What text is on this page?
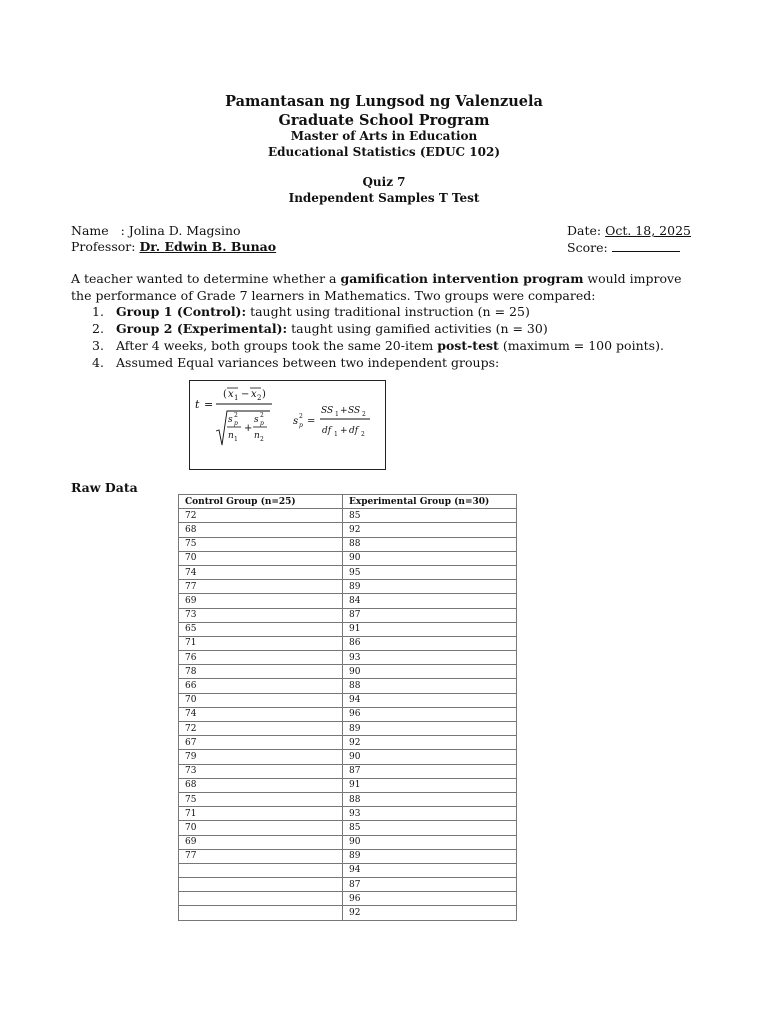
Pamantasan ng Lungsod ng Valenzuela
Graduate School Program
Master of Arts in Education
Educational Statistics (EDUC 102)
Quiz 7
Independent Samples T Test
Name : Jolina D. Magsino
Professor: Dr. Edwin B. Bunao
Date: Oct. 18, 2025
Score:
A teacher wanted to determine whether a gamification intervention program would improve the performance of Grade 7 learners in Mathematics. Two groups were compared:
1. Group 1 (Control): taught using traditional instruction (n = 25)
2. Group 2 (Experimental): taught using gamified activities (n = 30)
3. After 4 weeks, both groups took the same 20-item post-test (maximum = 100 points).
4. Assumed Equal variances between two independent groups:
t =
( x 1 − x 2 )
s 2
p
n 1
+
s 2
p
n 2
s 2
p =
SS 1 + SS 2
df 1 + df 2
Raw Data
Control Group (n=25)	Experimental Group (n=30)
72	85
68	92
75	88
70	90
74	95
77	89
69	84
73	87
65	91
71	86
76	93
78	90
66	88
70	94
74	96
72	89
67	92
79	90
73	87
68	91
75	88
71	93
70	85
69	90
77	89
	94
	87
	96
	92
